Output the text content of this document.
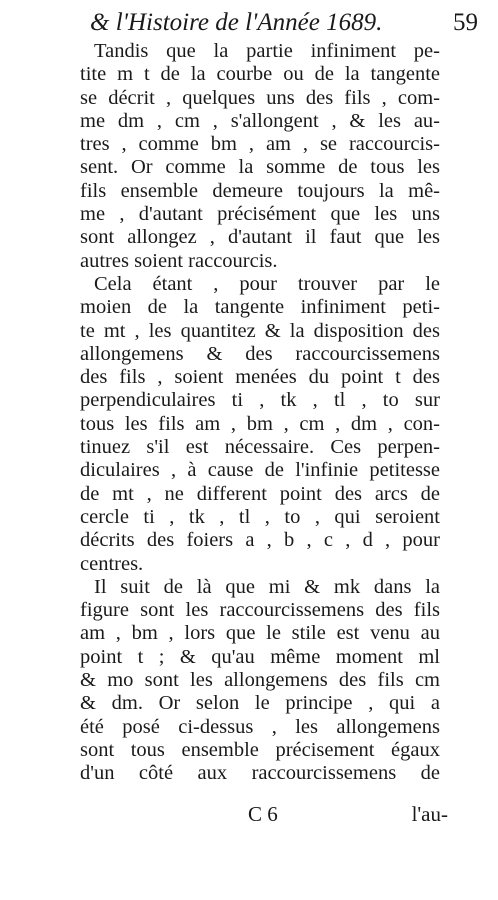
& l'Histoire de l'Année 1689.	59

Tandis que la partie infiniment pe-
tite m t de la courbe ou de la tangente
se décrit , quelques uns des fils , com-
me dm , cm , s'allongent , & les au-
tres , comme bm , am , se raccourcis-
sent. Or comme la somme de tous les
fils ensemble demeure toujours la mê-
me , d'autant précisément que les uns
sont allongez , d'autant il faut que les
autres soient raccourcis.

Cela étant , pour trouver par le
moien de la tangente infiniment peti-
te mt , les quantitez & la disposition des
allongemens & des raccourcissemens
des fils , soient menées du point t des
perpendiculaires ti , tk , tl , to sur
tous les fils am , bm , cm , dm , con-
tinuez s'il est nécessaire. Ces perpen-
diculaires , à cause de l'infinie petitesse
de mt , ne different point des arcs de
cercle ti , tk , tl , to , qui seroient
décrits des foiers a , b , c , d , pour
centres.

Il suit de là que mi & mk dans la
figure sont les raccourcissemens des fils
am , bm , lors que le stile est venu au
point t ; & qu'au même moment ml
& mo sont les allongemens des fils cm
& dm. Or selon le principe , qui a
été posé ci-dessus , les allongemens
sont tous ensemble précisement égaux
d'un côté aux raccourcissemens de

C 6	l'au-
